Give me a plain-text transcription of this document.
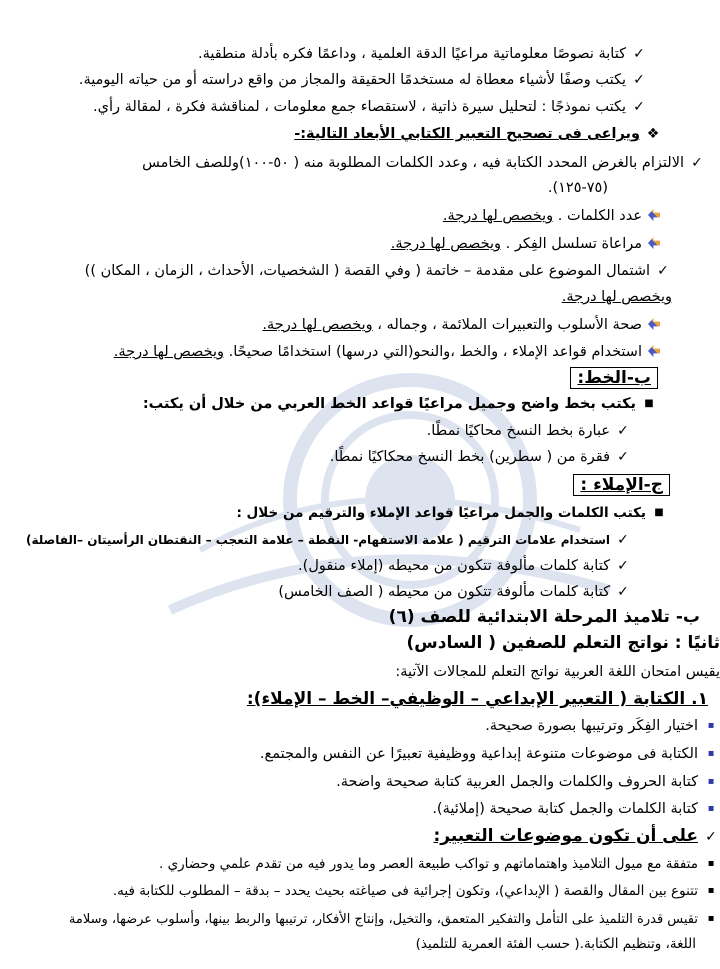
✓كتابة نصوصًا معلوماتية مراعيًا الدقة العلمية ، وداعمًا فكره بأدلة منطقية.
✓يكتب وصفًا لأشياء معطاة له مستخدمًا الحقيقة والمجاز من واقع دراسته أو من حياته اليومية.
✓يكتب نموذجًا : لتحليل سيرة ذاتية ، لاستقصاء جمع معلومات ، لمناقشة فكرة ، لمقالة رأي.
❖ويراعى فى تصحيح التعبير الكتابي الأبعاد التالية:-
✓الالتزام بالغرض المحدد الكتابة فيه ، وعدد الكلمات المطلوبة منه ( ٥٠-١٠٠)وللصف الخامس
(٧٥-١٢٥).
عدد الكلمات . ويخصص لها درجة.
مراعاة تسلسل الفِكر . ويخصص لها درجة.
✓اشتمال الموضوع على مقدمة – خاتمة ( وفي القصة ( الشخصيات، الأحداث ، الزمان ، المكان ))
ويخصص لها درجة.
صحة الأسلوب والتعبيرات الملائمة ، وجماله ، ويخصص لها درجة.
استخدام قواعد الإملاء ، والخط ،والنحو(التي درسها) استخدامًا صحيحًا. ويخصص لها درجة.
ب-الخط:
■يكتب بخط واضح وجميل مراعيًا قواعد الخط العربي من خلال أن يكتب:
✓عبارة بخط النسخ محاكيًا نمطًا.
✓فقرة من ( سطرين) بخط النسخ محكاكيًا نمطًا.
ج-الإملاء :
■يكتب الكلمات والجمل مراعيًا قواعد الإملاء والترقيم من خلال :
✓استخدام علامات الترقيم ( علامة الاستفهام- النقطة – علامة التعجب – النقتطان الرأسيتان –الفاصلة)
✓كتابة كلمات مألوفة تتكون من محيطه (إملاء منقول).
✓كتابة كلمات مألوفة تتكون من محيطه ( الصف الخامس)
ب- تلاميذ المرحلة الابتدائية للصف (٦)
ثانيًا : نواتج التعلم للصفين ( السادس)
يقيس امتحان اللغة العربية نواتج التعلم للمجالات الآتية:
١. الكتابة ( التعبير الإبداعي – الوظيفي– الخط – الإملاء):
▪اختيار الفِكَر وترتيبها بصورة صحيحة.
▪الكتابة فى موضوعات متنوعة إبداعية ووظيفية تعبيرًا عن النفس والمجتمع.
▪كتابة الحروف والكلمات والجمل العربية كتابة صحيحة واضحة.
▪كتابة الكلمات والجمل كتابة صحيحة (إملائية).
✓على أن تكون موضوعات التعبير:
▪متفقة مع ميول التلاميذ واهتماماتهم و تواكب طبيعة العصر وما يدور فيه من تقدم علمي وحضاري .
▪تتنوع بين المقال والقصة ( الإبداعي)، وتكون إجرائية فى صياغته بحيث يحدد – بدقة – المطلوب للكتابة فيه.
▪تقيس قدرة التلميذ على التأمل والتفكير المتعمق، والتخيل، وإنتاج الأفكار، ترتيبها والربط بينها، وأسلوب عرضها، وسلامة
اللغة، وتنظيم الكتابة.( حسب الفئة العمرية للتلميذ)
